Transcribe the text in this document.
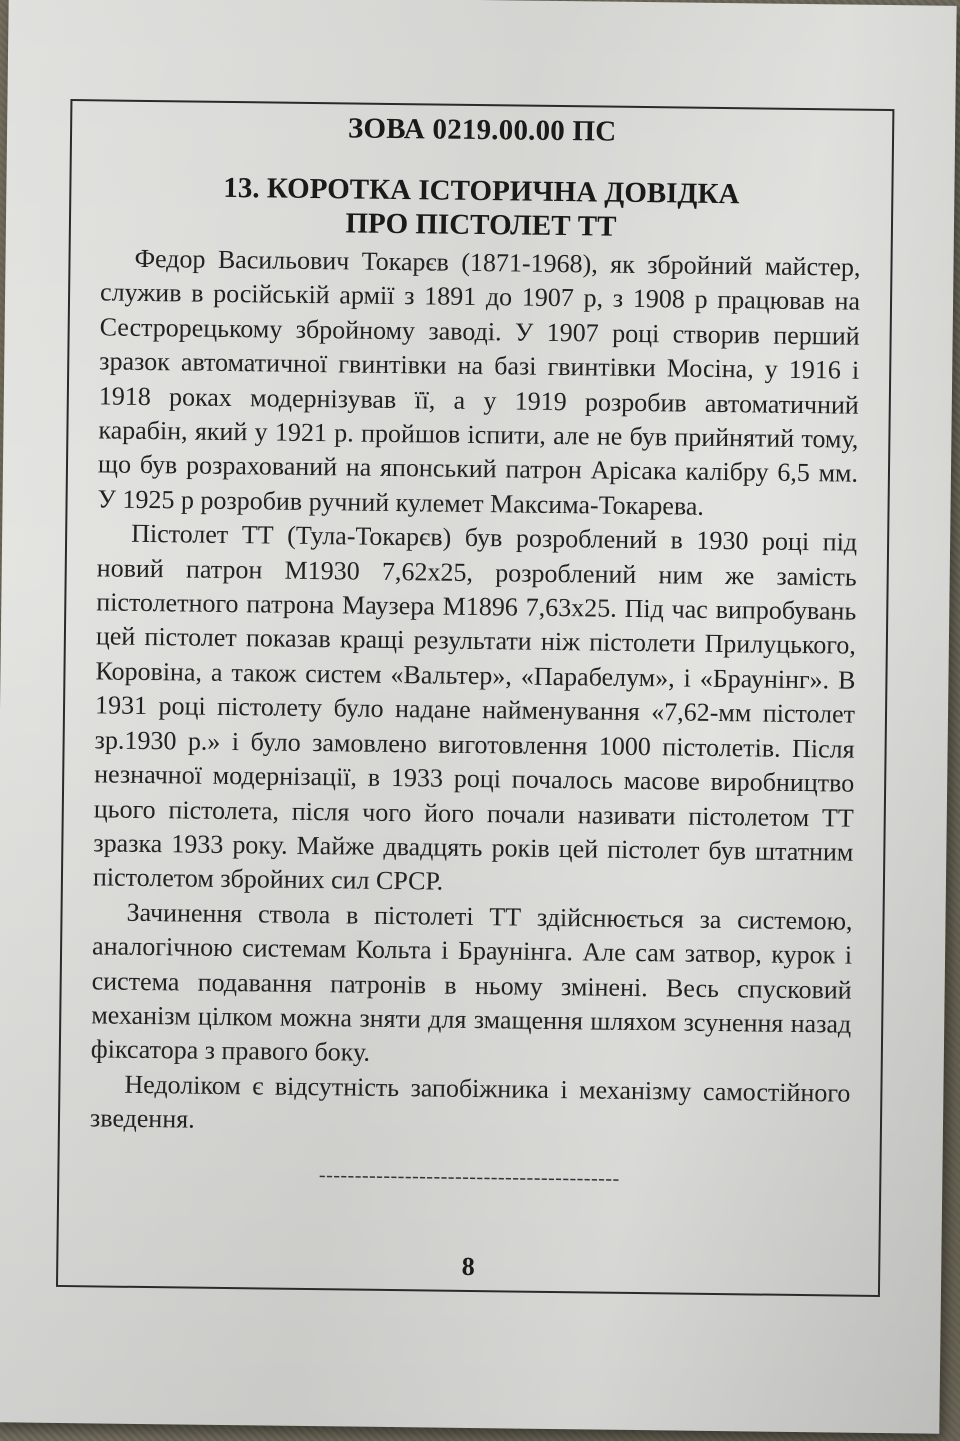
ЗОВА 0219.00.00 ПС
13. КОРОТКА ІСТОРИЧНА ДОВІДКА
ПРО ПІСТОЛЕТ ТТ

Федор Васильович Токарєв (1871-1968), як збройний майстер, служив в російській армії з 1891 до 1907 р, з 1908 р працював на Сестрорецькому збройному заводі. У 1907 році створив перший зразок автоматичної гвинтівки на базі гвинтівки Мосіна, у 1916 і 1918 роках модернізував її, а у 1919 розробив автоматичний карабін, який у 1921 р. пройшов іспити, але не був прийнятий тому, що був розрахований на японський патрон Арісака калібру 6,5 мм. У 1925 р розробив ручний кулемет Максима-Токарева.

Пістолет ТТ (Тула-Токарєв) був розроблений в 1930 році під новий патрон М1930 7,62х25, розроблений ним же замість пістолетного патрона Маузера М1896 7,63х25. Під час випробувань цей пістолет показав кращі результати ніж пістолети Прилуцького, Коровіна, а також систем «Вальтер», «Парабелум», і «Браунінг». В 1931 році пістолету було надане найменування «7,62-мм пістолет зр.1930 р.» і було замовлено виготовлення 1000 пістолетів. Після незначної модернізації, в 1933 році почалось масове виробництво цього пістолета, після чого його почали називати пістолетом ТТ зразка 1933 року. Майже двадцять років цей пістолет був штатним пістолетом збройних сил СРСР.

Зачинення ствола в пістолеті ТТ здійснюється за системою, аналогічною системам Кольта і Браунінга. Але сам затвор, курок і система подавання патронів в ньому змінені. Весь спусковий механізм цілком можна зняти для змащення шляхом зсунення назад фіксатора з правого боку.

Недоліком є відсутність запобіжника і механізму самостійного зведення.

------------------------------------------
8
